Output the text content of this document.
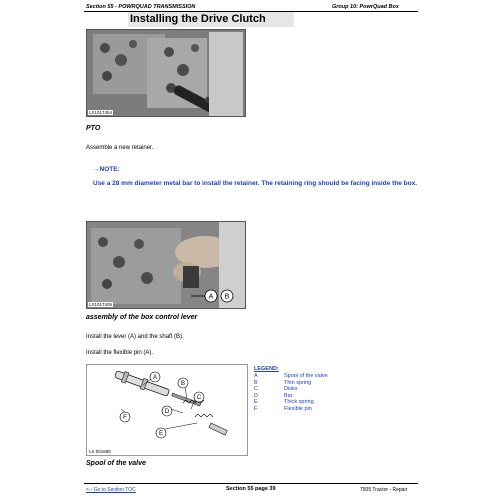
Section 55 - POWRQUAD TRANSMISSION	Group 10: PowrQuad Box
Installing the Drive Clutch
LX1017454
PTO
Assemble a new retainer.
→NOTE:
Use a 28 mm diameter metal bar to install the retainer. The retaining ring should be facing inside the box.
A B
LX1017405
assembly of the box control lever
Install the lever (A) and the shaft (B).
Install the flexible pin (A).
A
B
C
D
E
F
LX 001695
LEGEND:
A	Spool of the valve
B	Thin spring
C	Disks
D	Bar
E	Thick spring
F	Flexible pin
Spool of the valve
<-- Go to Section TOC	Section 55 page 39	7505 Tractor - Repair
